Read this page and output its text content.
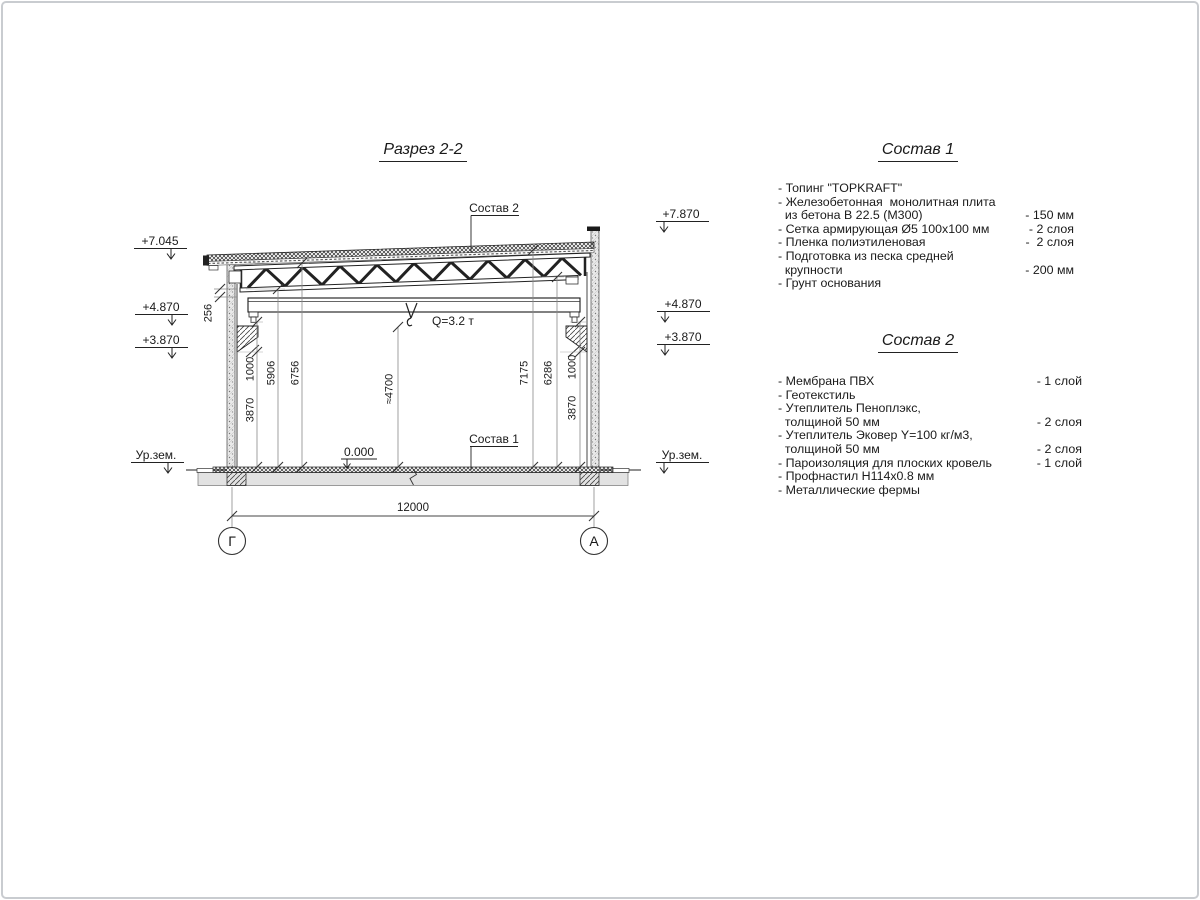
Q=3.2 т
1000
3870
5906 6756	7175 6286 1000
3870
256
≈4700
12000
Г	А
+7.045
+4.870
+3.870
Ур.зем.
+7.870
+4.870
+3.870
Ур.зем.
0.000
Состав 2
Состав 1
Разрез 2-2	Состав 1
- Топинг "TOPKRAFT"
- Железобетонная  монолитная плита
из бетона В 22.5 (М300)	- 150 мм
- Сетка армирующая Ø5 100х100 мм	- 2 слоя
- Пленка полиэтиленовая	-  2 слоя
- Подготовка из песка средней
крупности	- 200 мм
- Грунт основания
Состав 2
- Мембрана ПВХ	- 1 слой
- Геотекстиль
- Утеплитель Пеноплэкс,
толщиной 50 мм	- 2 слоя
- Утеплитель Эковер Y=100 кг/м3,
толщиной 50 мм	- 2 слоя
- Пароизоляция для плоских кровель	- 1 слой
- Профнастил Н114х0.8 мм
- Металлические фермы
